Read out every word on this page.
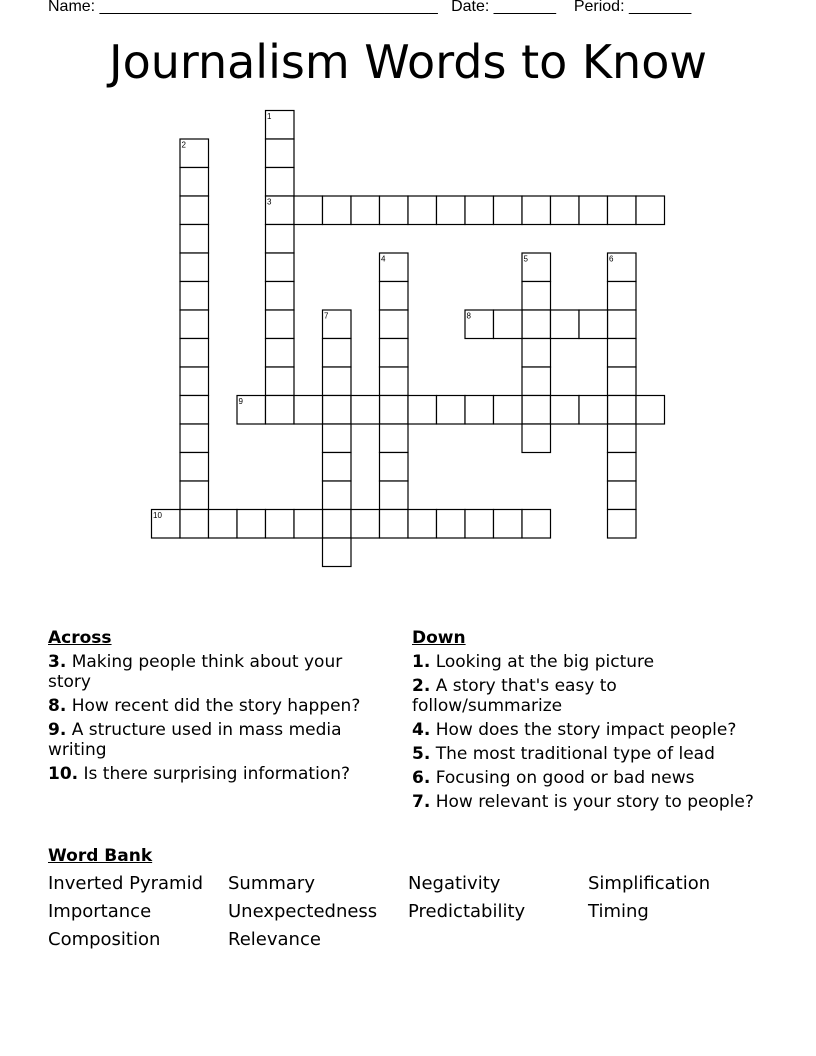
Name: ______________________________________ Date: _______ Period: _______
Journalism Words to Know
1
2
3
4	5	6
7	8
9
10
Across
3. Making people think about your story
8. How recent did the story happen?
9. A structure used in mass media writing
10. Is there surprising information?
Down
1. Looking at the big picture
2. A story that's easy to follow/summarize
4. How does the story impact people?
5. The most traditional type of lead
6. Focusing on good or bad news
7. How relevant is your story to people?
Word Bank
Inverted Pyramid	Summary	Negativity	Simplification
Importance	Unexpectedness	Predictability	Timing
Composition	Relevance
